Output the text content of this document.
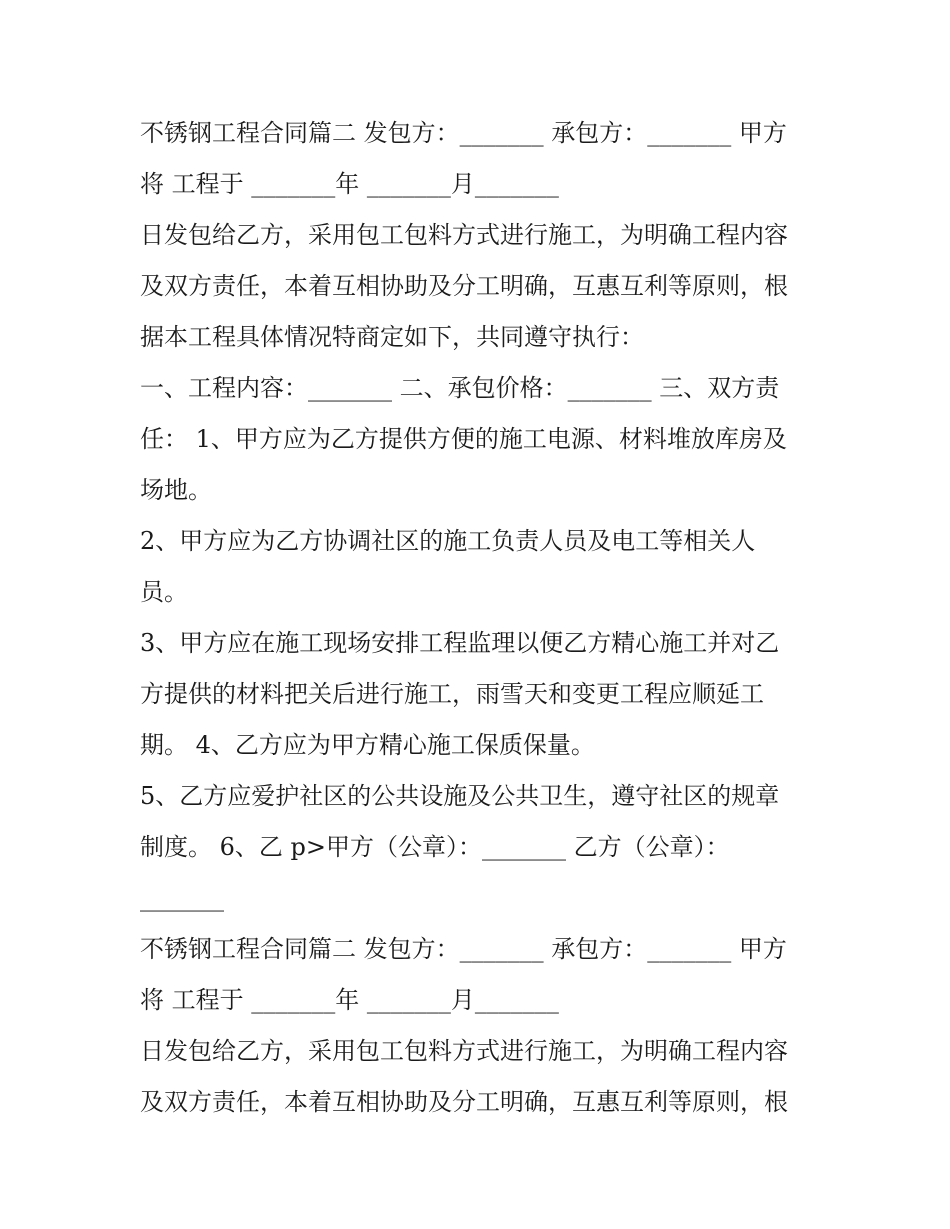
不锈钢工程合同篇二 发包方：_______ 承包方：_______ 甲方
将 工程于 _______年 _______月_______
日发包给乙方，采用包工包料方式进行施工，为明确工程内容
及双方责任，本着互相协助及分工明确，互惠互利等原则，根
据本工程具体情况特商定如下，共同遵守执行：
一、工程内容：_______ 二、承包价格：_______ 三、双方责
任： 1、甲方应为乙方提供方便的施工电源、材料堆放库房及
场地。
2、甲方应为乙方协调社区的施工负责人员及电工等相关人
员。
3、甲方应在施工现场安排工程监理以便乙方精心施工并对乙
方提供的材料把关后进行施工，雨雪天和变更工程应顺延工
期。 4、乙方应为甲方精心施工保质保量。
5、乙方应爱护社区的公共设施及公共卫生，遵守社区的规章
制度。 6、乙 p>甲方（公章）：_______ 乙方（公章）：
_______
不锈钢工程合同篇二 发包方：_______ 承包方：_______ 甲方
将 工程于 _______年 _______月_______
日发包给乙方，采用包工包料方式进行施工，为明确工程内容
及双方责任，本着互相协助及分工明确，互惠互利等原则，根
